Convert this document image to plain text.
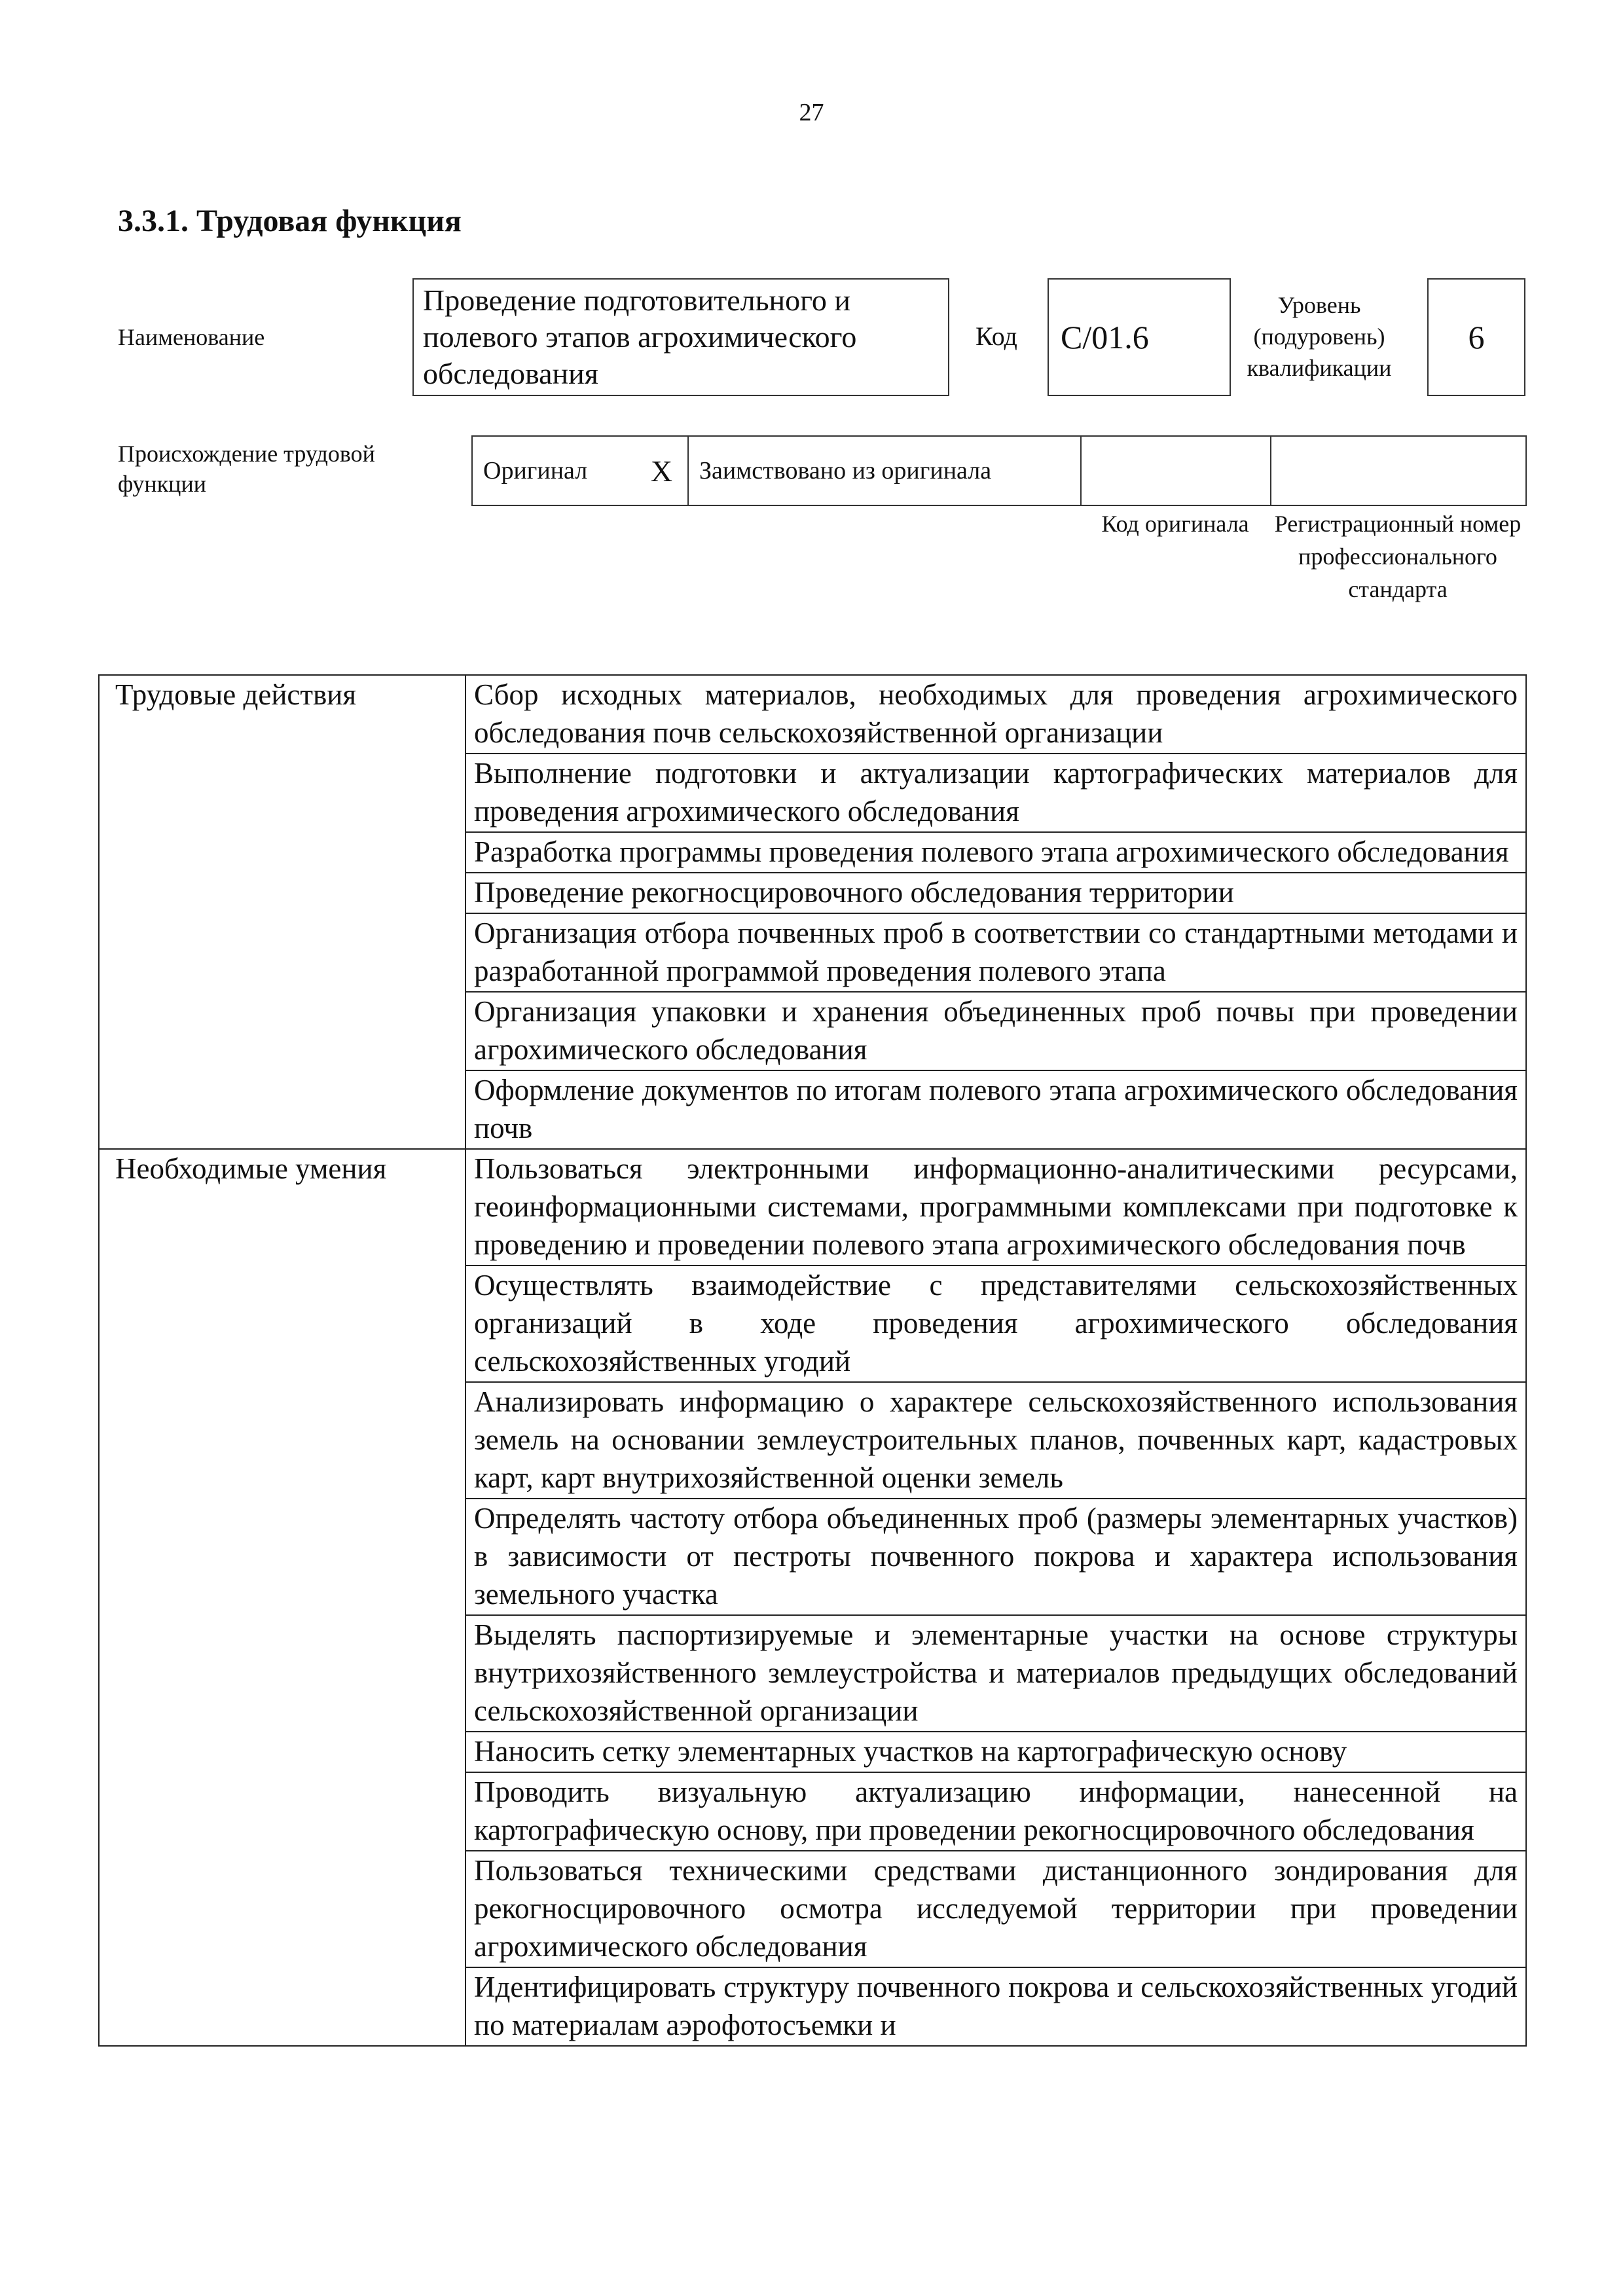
27
3.3.1. Трудовая функция
Наименование
Проведение подготовительного и полевого этапов агрохимического обследования
Код C/01.6
Уровень (подуровень) квалификации
6
Происхождение трудовой функции	Оригинал	X	Заимствовано из оригинала		
Код оригинала	Регистрационный номер профессионального стандарта
Трудовые действия	Сбор исходных материалов, необходимых для проведения агрохимического обследования почв сельскохозяйственной организации
	Выполнение подготовки и актуализации картографических материалов для проведения агрохимического обследования
	Разработка программы проведения полевого этапа агрохимического обследования
	Проведение рекогносцировочного обследования территории
	Организация отбора почвенных проб в соответствии со стандартными методами и разработанной программой проведения полевого этапа
	Организация упаковки и хранения объединенных проб почвы при проведении агрохимического обследования
	Оформление документов по итогам полевого этапа агрохимического обследования почв
Необходимые умения	Пользоваться электронными информационно-аналитическими ресурсами, геоинформационными системами, программными комплексами при подготовке к проведению и проведении полевого этапа агрохимического обследования почв
	Осуществлять взаимодействие с представителями сельскохозяйственных организаций в ходе проведения агрохимического обследования сельскохозяйственных угодий
	Анализировать информацию о характере сельскохозяйственного использования земель на основании землеустроительных планов, почвенных карт, кадастровых карт, карт внутрихозяйственной оценки земель
	Определять частоту отбора объединенных проб (размеры элементарных участков) в зависимости от пестроты почвенного покрова и характера использования земельного участка
	Выделять паспортизируемые и элементарные участки на основе структуры внутрихозяйственного землеустройства и материалов предыдущих обследований сельскохозяйственной организации
	Наносить сетку элементарных участков на картографическую основу
	Проводить визуальную актуализацию информации, нанесенной на картографическую основу, при проведении рекогносцировочного обследования
	Пользоваться техническими средствами дистанционного зондирования для рекогносцировочного осмотра исследуемой территории при проведении агрохимического обследования
	Идентифицировать структуру почвенного покрова и сельскохозяйственных угодий по материалам аэрофотосъемки и
